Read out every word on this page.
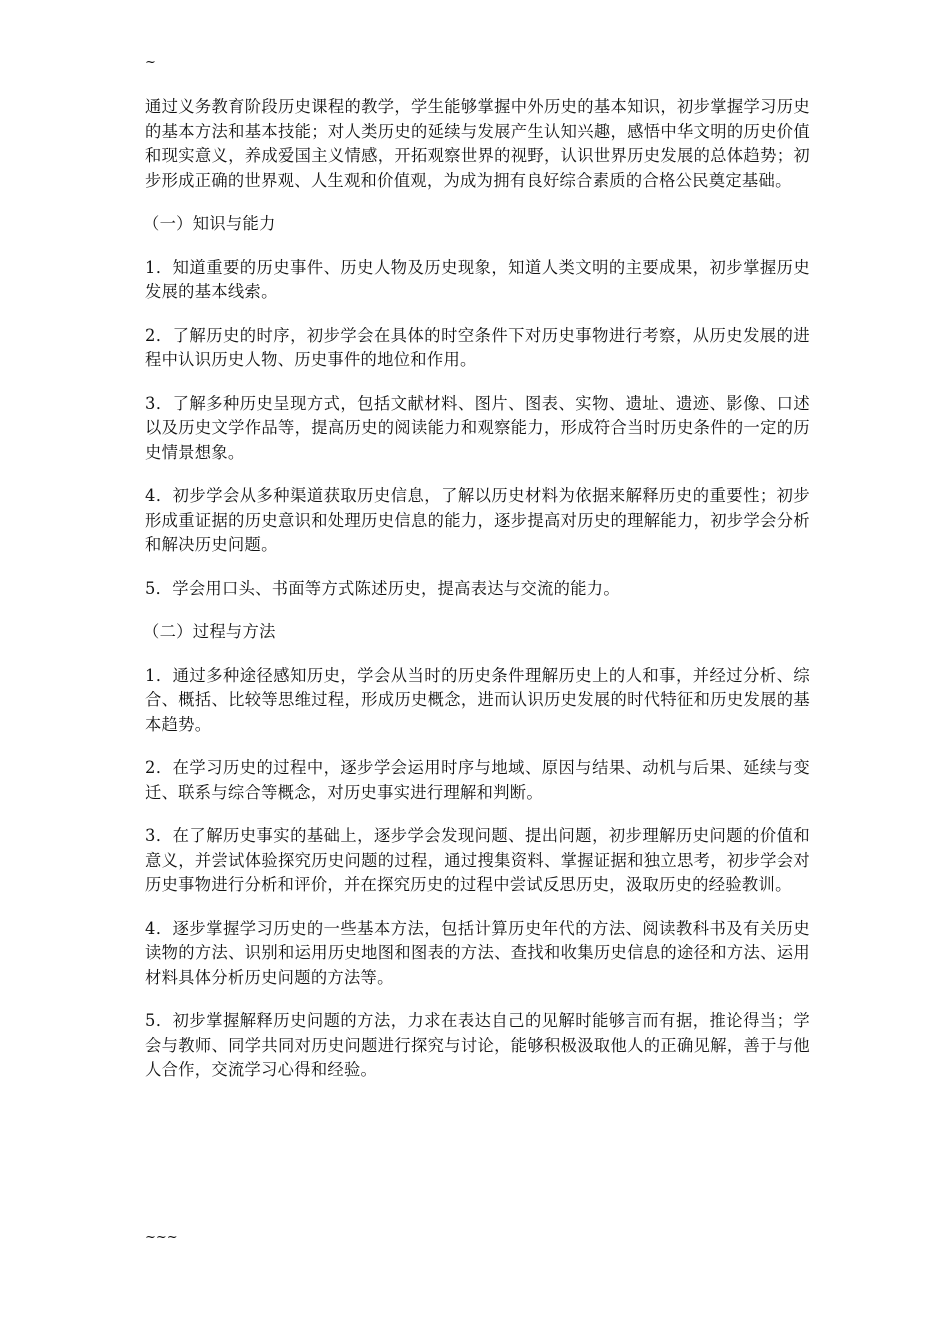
~

通过义务教育阶段历史课程的教学，学生能够掌握中外历史的基本知识，初步掌握学习历史的基本方法和基本技能；对人类历史的延续与发展产生认知兴趣，感悟中华文明的历史价值和现实意义，养成爱国主义情感，开拓观察世界的视野，认识世界历史发展的总体趋势；初步形成正确的世界观、人生观和价值观，为成为拥有良好综合素质的合格公民奠定基础。

（一）知识与能力

1．知道重要的历史事件、历史人物及历史现象，知道人类文明的主要成果，初步掌握历史发展的基本线索。

2．了解历史的时序，初步学会在具体的时空条件下对历史事物进行考察，从历史发展的进程中认识历史人物、历史事件的地位和作用。

3．了解多种历史呈现方式，包括文献材料、图片、图表、实物、遗址、遗迹、影像、口述以及历史文学作品等，提高历史的阅读能力和观察能力，形成符合当时历史条件的一定的历史情景想象。

4．初步学会从多种渠道获取历史信息，了解以历史材料为依据来解释历史的重要性；初步形成重证据的历史意识和处理历史信息的能力，逐步提高对历史的理解能力，初步学会分析和解决历史问题。

5．学会用口头、书面等方式陈述历史，提高表达与交流的能力。

（二）过程与方法

1．通过多种途径感知历史，学会从当时的历史条件理解历史上的人和事，并经过分析、综合、概括、比较等思维过程，形成历史概念，进而认识历史发展的时代特征和历史发展的基本趋势。

2．在学习历史的过程中，逐步学会运用时序与地域、原因与结果、动机与后果、延续与变迁、联系与综合等概念，对历史事实进行理解和判断。

3．在了解历史事实的基础上，逐步学会发现问题、提出问题，初步理解历史问题的价值和意义，并尝试体验探究历史问题的过程，通过搜集资料、掌握证据和独立思考，初步学会对历史事物进行分析和评价，并在探究历史的过程中尝试反思历史，汲取历史的经验教训。

4．逐步掌握学习历史的一些基本方法，包括计算历史年代的方法、阅读教科书及有关历史读物的方法、识别和运用历史地图和图表的方法、查找和收集历史信息的途径和方法、运用材料具体分析历史问题的方法等。

5．初步掌握解释历史问题的方法，力求在表达自己的见解时能够言而有据，推论得当；学会与教师、同学共同对历史问题进行探究与讨论，能够积极汲取他人的正确见解，善于与他人合作，交流学习心得和经验。

~~~
